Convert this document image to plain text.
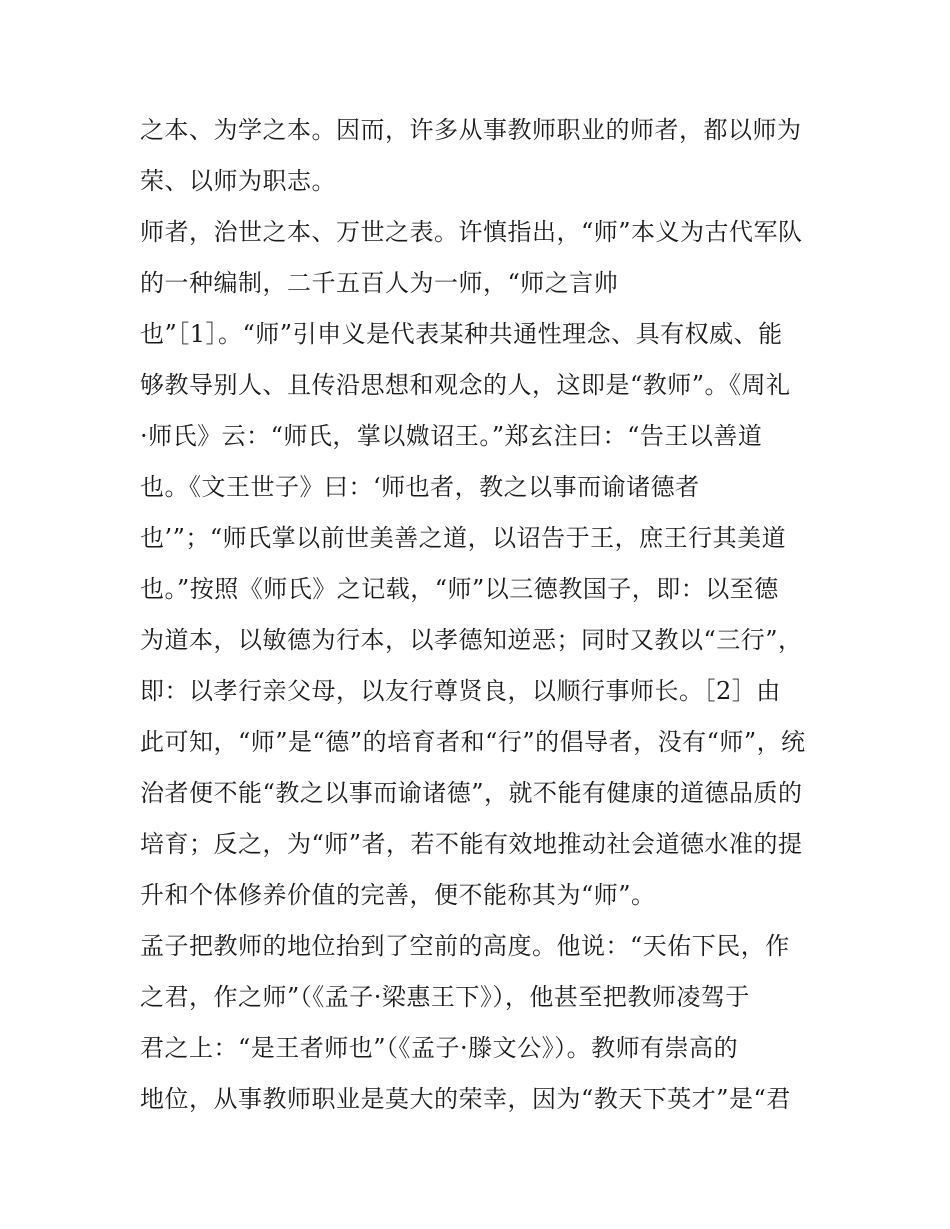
之本、为学之本。因而，许多从事教师职业的师者，都以师为
荣、以师为职志。
师者，治世之本、万世之表。许慎指出，“师”本义为古代军队
的一种编制，二千五百人为一师，“师之言帅
也”［1］。“师”引申义是代表某种共通性理念、具有权威、能
够教导别人、且传沿思想和观念的人，这即是“教师”。《周礼
·师氏》云：“师氏，掌以媺诏王。”郑玄注曰：“告王以善道
也。《文王世子》曰：‘师也者，教之以事而谕诸德者
也’”；“师氏掌以前世美善之道，以诏告于王，庶王行其美道
也。”按照《师氏》之记载，“师”以三德教国子，即：以至德
为道本，以敏德为行本，以孝德知逆恶；同时又教以“三行”，
即：以孝行亲父母，以友行尊贤良，以顺行事师长。［2］由
此可知，“师”是“德”的培育者和“行”的倡导者，没有“师”，统
治者便不能“教之以事而谕诸德”，就不能有健康的道德品质的
培育；反之，为“师”者，若不能有效地推动社会道德水准的提
升和个体修养价值的完善，便不能称其为“师”。
孟子把教师的地位抬到了空前的高度。他说：“天佑下民，作
之君，作之师”（《孟子·梁惠王下》），他甚至把教师凌驾于
君之上：“是王者师也”（《孟子·滕文公》）。教师有崇高的
地位，从事教师职业是莫大的荣幸，因为“教天下英才”是“君
